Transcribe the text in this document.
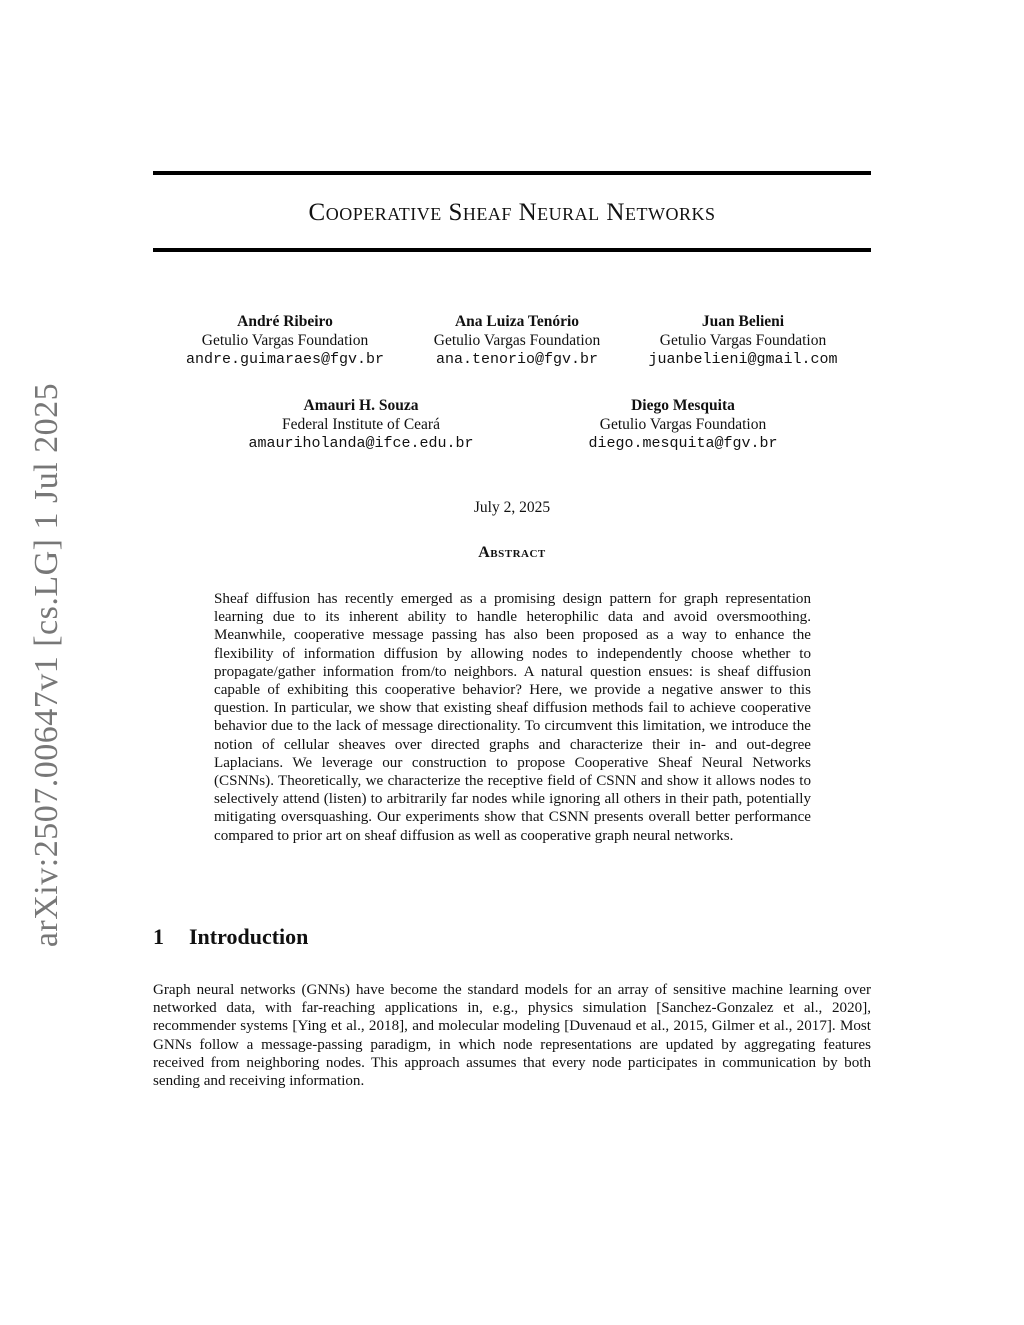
arXiv:2507.00647v1 [cs.LG] 1 Jul 2025
Cooperative Sheaf Neural Networks
André Ribeiro
Getulio Vargas Foundation
andre.guimaraes@fgv.br
Ana Luiza Tenório
Getulio Vargas Foundation
ana.tenorio@fgv.br
Juan Belieni
Getulio Vargas Foundation
juanbelieni@gmail.com
Amauri H. Souza
Federal Institute of Ceará
amauriholanda@ifce.edu.br
Diego Mesquita
Getulio Vargas Foundation
diego.mesquita@fgv.br
July 2, 2025
Abstract
Sheaf diffusion has recently emerged as a promising design pattern for graph representation learning due to its inherent ability to handle heterophilic data and avoid oversmoothing. Meanwhile, cooperative message passing has also been proposed as a way to enhance the flexibility of information diffusion by allowing nodes to independently choose whether to propagate/gather information from/to neighbors. A natural question ensues: is sheaf diffusion capable of exhibiting this cooperative behavior? Here, we provide a negative answer to this question. In particular, we show that existing sheaf diffusion methods fail to achieve cooperative behavior due to the lack of message directionality. To circumvent this limitation, we introduce the notion of cellular sheaves over directed graphs and characterize their in- and out-degree Laplacians. We leverage our construction to propose Cooperative Sheaf Neural Networks (CSNNs). Theoretically, we characterize the receptive field of CSNN and show it allows nodes to selectively attend (listen) to arbitrarily far nodes while ignoring all others in their path, potentially mitigating oversquashing. Our experiments show that CSNN presents overall better performance compared to prior art on sheaf diffusion as well as cooperative graph neural networks.
1 Introduction
Graph neural networks (GNNs) have become the standard models for an array of sensitive machine learning over networked data, with far-reaching applications in, e.g., physics simulation [Sanchez-Gonzalez et al., 2020], recommender systems [Ying et al., 2018], and molecular modeling [Duvenaud et al., 2015, Gilmer et al., 2017]. Most GNNs follow a message-passing paradigm, in which node representations are updated by aggregating features received from neighboring nodes. This approach assumes that every node participates in communication by both sending and receiving information.
